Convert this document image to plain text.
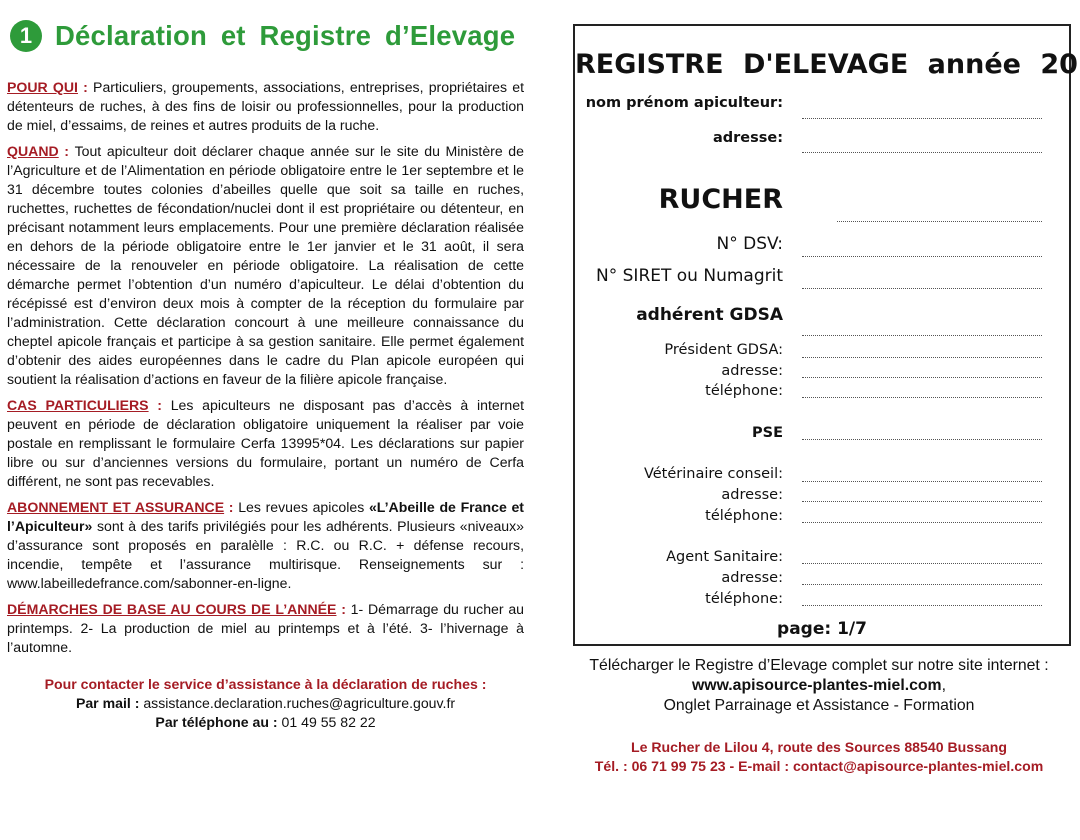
1 Déclaration et Registre d’Elevage

POUR QUI : Particuliers, groupements, associations, entreprises, propriétaires et détenteurs de ruches, à des fins de loisir ou professionnelles, pour la production de miel, d’essaims, de reines et autres produits de la ruche.

QUAND : Tout apiculteur doit déclarer chaque année sur le site du Ministère de l’Agriculture et de l’Alimentation en période obligatoire entre le 1er septembre et le 31 décembre toutes colonies d’abeilles quelle que soit sa taille en ruches, ruchettes, ruchettes de fécondation/nuclei dont il est propriétaire ou détenteur, en précisant notamment leurs emplacements. Pour une première déclaration réalisée en dehors de la période obligatoire entre le 1er janvier et le 31 août, il sera nécessaire de la renouveler en période obligatoire. La réalisation de cette démarche permet l’obtention d’un numéro d’apiculteur. Le délai d’obtention du récépissé est d’environ deux mois à compter de la réception du formulaire par l’administration. Cette déclaration concourt à une meilleure connaissance du cheptel apicole français et participe à sa gestion sanitaire. Elle permet également d’obtenir des aides européennes dans le cadre du Plan apicole européen qui soutient la réalisation d’actions en faveur de la filière apicole française.

CAS PARTICULIERS : Les apiculteurs ne disposant pas d’accès à internet peuvent en période de déclaration obligatoire uniquement la réaliser par voie postale en remplissant le formulaire Cerfa 13995*04. Les déclarations sur papier libre ou sur d’anciennes versions du formulaire, portant un numéro de Cerfa différent, ne sont pas recevables.

ABONNEMENT ET ASSURANCE : Les revues apicoles «L’Abeille de France et l’Apiculteur» sont à des tarifs privilégiés pour les adhérents. Plusieurs «niveaux» d’assurance sont proposés en paralèlle : R.C. ou R.C. + défense recours, incendie, tempête et l’assurance multirisque. Renseignements sur : www.labeilledefrance.com/sabonner-en-ligne.

DÉMARCHES DE BASE AU COURS DE L’ANNÉE : 1- Démarrage du rucher au printemps. 2- La production de miel au printemps et à l’été. 3- l’hivernage à l’automne.

Pour contacter le service d’assistance à la déclaration de ruches :
Par mail : assistance.declaration.ruches@agriculture.gouv.fr
Par téléphone au : 01 49 55 82 22
REGISTRE D'ELEVAGE année 20
nom prénom apiculteur:
adresse:
RUCHER
N° DSV:
N° SIRET ou Numagrit
adhérent GDSA
Président GDSA:
adresse:
téléphone:
PSE
Vétérinaire conseil:
adresse:
téléphone:
Agent Sanitaire:
adresse:
téléphone:
page: 1/7
Télécharger le Registre d’Elevage complet sur notre site internet :
www.apisource-plantes-miel.com,
Onglet Parrainage et Assistance - Formation
Le Rucher de Lilou 4, route des Sources 88540 Bussang
Tél. : 06 71 99 75 23 - E-mail : contact@apisource-plantes-miel.com
